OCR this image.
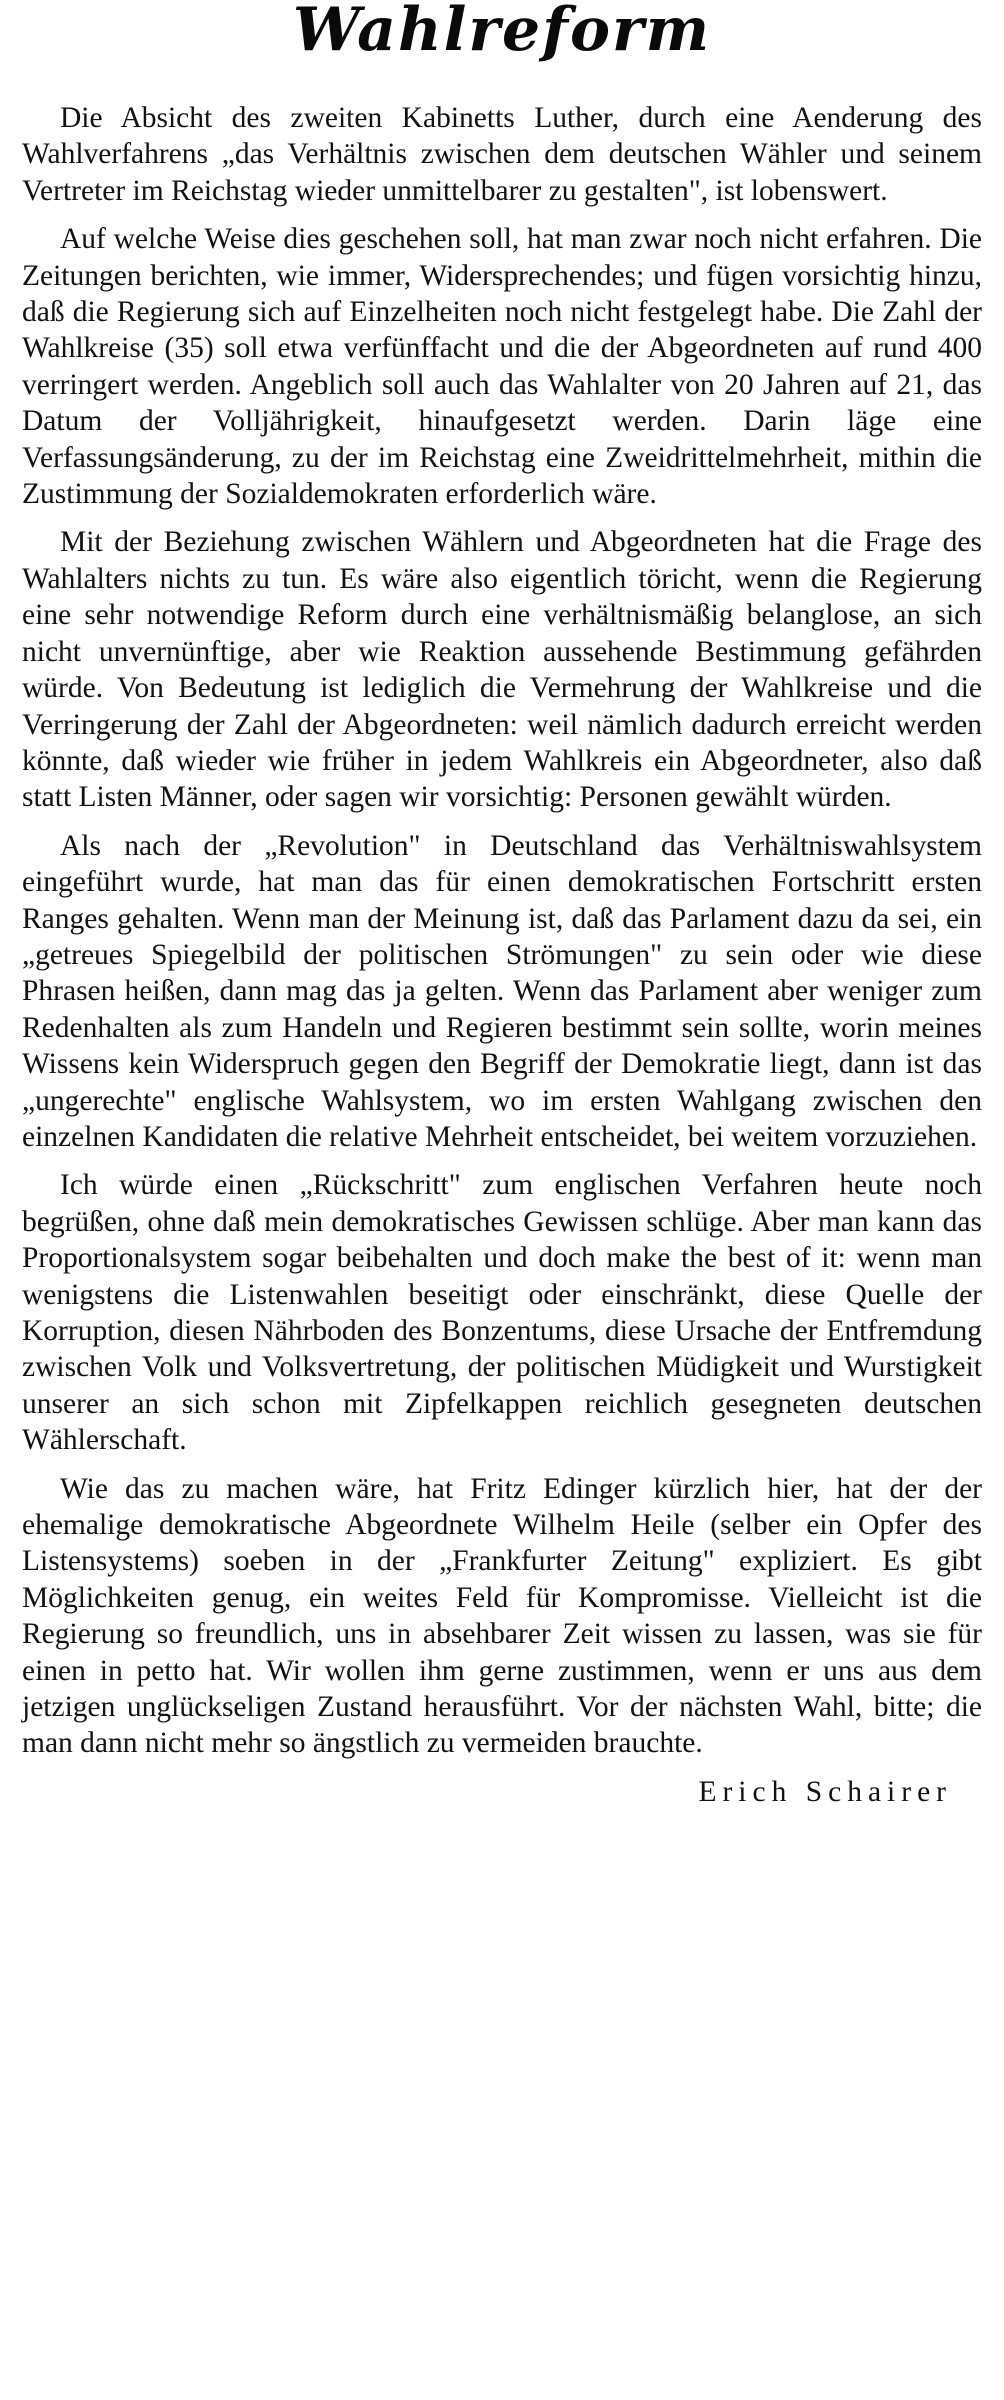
Wahlreform

Die Absicht des zweiten Kabinetts Luther, durch eine Aenderung des Wahlverfahrens „das Verhältnis zwischen dem deutschen Wähler und seinem Vertreter im Reichstag wieder unmittelbarer zu gestalten", ist lobenswert.

Auf welche Weise dies geschehen soll, hat man zwar noch nicht erfahren. Die Zeitungen berichten, wie immer, Widersprechendes; und fügen vorsichtig hinzu, daß die Regierung sich auf Einzelheiten noch nicht festgelegt habe. Die Zahl der Wahlkreise (35) soll etwa verfünffacht und die der Abgeordneten auf rund 400 verringert werden. Angeblich soll auch das Wahlalter von 20 Jahren auf 21, das Datum der Volljährigkeit, hinaufgesetzt werden. Darin läge eine Verfassungsänderung, zu der im Reichstag eine Zweidrittelmehrheit, mithin die Zustimmung der Sozialdemokraten erforderlich wäre.

Mit der Beziehung zwischen Wählern und Abgeordneten hat die Frage des Wahlalters nichts zu tun. Es wäre also eigentlich töricht, wenn die Regierung eine sehr notwendige Reform durch eine verhältnismäßig belanglose, an sich nicht unvernünftige, aber wie Reaktion aussehende Bestimmung gefährden würde. Von Bedeutung ist lediglich die Vermehrung der Wahlkreise und die Verringerung der Zahl der Abgeordneten: weil nämlich dadurch erreicht werden könnte, daß wieder wie früher in jedem Wahlkreis ein Abgeordneter, also daß statt Listen Männer, oder sagen wir vorsichtig: Personen gewählt würden.

Als nach der „Revolution" in Deutschland das Verhältniswahlsystem eingeführt wurde, hat man das für einen demokratischen Fortschritt ersten Ranges gehalten. Wenn man der Meinung ist, daß das Parlament dazu da sei, ein „getreues Spiegelbild der politischen Strömungen" zu sein oder wie diese Phrasen heißen, dann mag das ja gelten. Wenn das Parlament aber weniger zum Redenhalten als zum Handeln und Regieren bestimmt sein sollte, worin meines Wissens kein Widerspruch gegen den Begriff der Demokratie liegt, dann ist das „ungerechte" englische Wahlsystem, wo im ersten Wahlgang zwischen den einzelnen Kandidaten die relative Mehrheit entscheidet, bei weitem vorzuziehen.

Ich würde einen „Rückschritt" zum englischen Verfahren heute noch begrüßen, ohne daß mein demokratisches Gewissen schlüge. Aber man kann das Proportionalsystem sogar beibehalten und doch make the best of it: wenn man wenigstens die Listenwahlen beseitigt oder einschränkt, diese Quelle der Korruption, diesen Nährboden des Bonzentums, diese Ursache der Entfremdung zwischen Volk und Volksvertretung, der politischen Müdigkeit und Wurstigkeit unserer an sich schon mit Zipfelkappen reichlich gesegneten deutschen Wählerschaft.

Wie das zu machen wäre, hat Fritz Edinger kürzlich hier, hat der der ehemalige demokratische Abgeordnete Wilhelm Heile (selber ein Opfer des Listensystems) soeben in der „Frankfurter Zeitung" expliziert. Es gibt Möglichkeiten genug, ein weites Feld für Kompromisse. Vielleicht ist die Regierung so freundlich, uns in absehbarer Zeit wissen zu lassen, was sie für einen in petto hat. Wir wollen ihm gerne zustimmen, wenn er uns aus dem jetzigen unglückseligen Zustand herausführt. Vor der nächsten Wahl, bitte; die man dann nicht mehr so ängstlich zu vermeiden brauchte.

Erich Schairer
